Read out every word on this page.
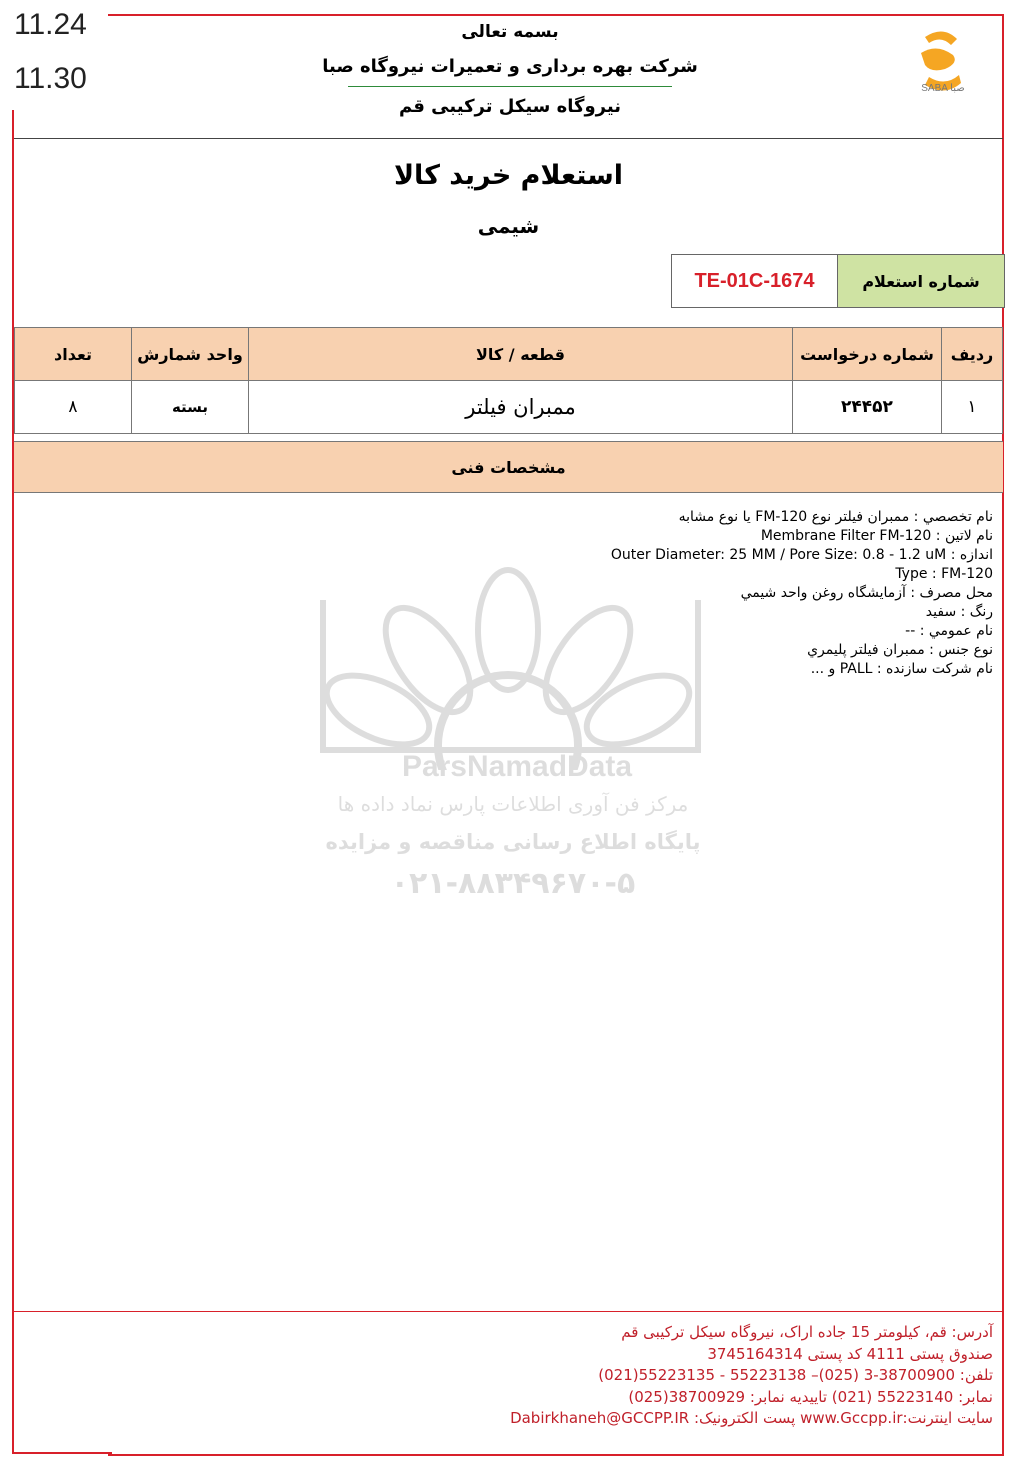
11.24
11.30
بسمه تعالی
شرکت بهره برداری و تعمیرات نیروگاه صبا
نیروگاه سیکل ترکیبی قم
SABA صبا
استعلام خرید کالا
شیمی
شماره استعلام
TE-01C-1674
ردیف	شماره درخواست	قطعه / کالا	واحد شمارش	تعداد
١	۲۴۴۵۲	ممبران فیلتر	بسته	٨
مشخصات فنی
ParsNamadData
مرکز فن آوری اطلاعات پارس نماد داده ها
پایگاه اطلاع رسانی مناقصه و مزایده
۰۲۱-۸۸۳۴۹۶۷۰-۵
نام تخصصي : ممبران فيلتر نوع FM-120 يا نوع مشابه
نام لاتين : Membrane Filter FM-120
اندازه : Outer Diameter: 25 MM / Pore Size: 0.8 - 1.2 uM
Type : FM-120
محل مصرف : آزمايشگاه روغن واحد شيمي
رنگ : سفيد
نام عمومي : --
نوع جنس : ممبران فيلتر پليمري
نام شركت سازنده : PALL و ...
آدرس: قم، کیلومتر 15 جاده اراک، نیروگاه سیکل ترکیبی قم
صندوق پستی 4111 کد پستی 3745164314
تلفن: 38700900-3 (025)– 55223138 - 55223135(021)
نمابر: 55223140 (021) تاییدیه نمابر: 38700929(025)
سایت اینترنت:www.Gccpp.ir پست الکترونیک: Dabirkhaneh@GCCPP.IR
